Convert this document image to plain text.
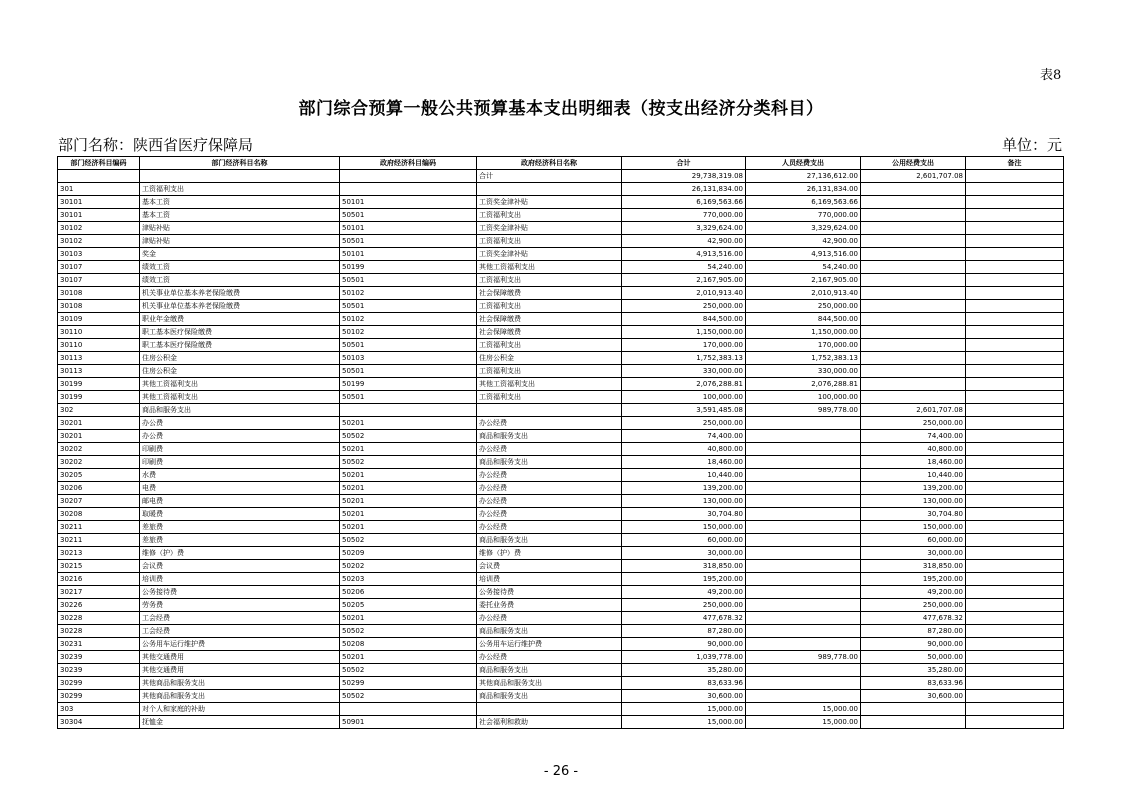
表8
部门综合预算一般公共预算基本支出明细表（按支出经济分类科目）
部门名称：陕西省医疗保障局	单位：元
部门经济科目编码	部门经济科目名称	政府经济科目编码	政府经济科目名称	合计	人员经费支出	公用经费支出	备注
			合计	29,738,319.08	27,136,612.00	2,601,707.08	
301	工资福利支出			26,131,834.00	26,131,834.00		
30101	基本工资	50101	工资奖金津补贴	6,169,563.66	6,169,563.66		
30101	基本工资	50501	工资福利支出	770,000.00	770,000.00		
30102	津贴补贴	50101	工资奖金津补贴	3,329,624.00	3,329,624.00		
30102	津贴补贴	50501	工资福利支出	42,900.00	42,900.00		
30103	奖金	50101	工资奖金津补贴	4,913,516.00	4,913,516.00		
30107	绩效工资	50199	其他工资福利支出	54,240.00	54,240.00		
30107	绩效工资	50501	工资福利支出	2,167,905.00	2,167,905.00		
30108	机关事业单位基本养老保险缴费	50102	社会保障缴费	2,010,913.40	2,010,913.40		
30108	机关事业单位基本养老保险缴费	50501	工资福利支出	250,000.00	250,000.00		
30109	职业年金缴费	50102	社会保障缴费	844,500.00	844,500.00		
30110	职工基本医疗保险缴费	50102	社会保障缴费	1,150,000.00	1,150,000.00		
30110	职工基本医疗保险缴费	50501	工资福利支出	170,000.00	170,000.00		
30113	住房公积金	50103	住房公积金	1,752,383.13	1,752,383.13		
30113	住房公积金	50501	工资福利支出	330,000.00	330,000.00		
30199	其他工资福利支出	50199	其他工资福利支出	2,076,288.81	2,076,288.81		
30199	其他工资福利支出	50501	工资福利支出	100,000.00	100,000.00		
302	商品和服务支出			3,591,485.08	989,778.00	2,601,707.08	
30201	办公费	50201	办公经费	250,000.00		250,000.00	
30201	办公费	50502	商品和服务支出	74,400.00		74,400.00	
30202	印刷费	50201	办公经费	40,800.00		40,800.00	
30202	印刷费	50502	商品和服务支出	18,460.00		18,460.00	
30205	水费	50201	办公经费	10,440.00		10,440.00	
30206	电费	50201	办公经费	139,200.00		139,200.00	
30207	邮电费	50201	办公经费	130,000.00		130,000.00	
30208	取暖费	50201	办公经费	30,704.80		30,704.80	
30211	差旅费	50201	办公经费	150,000.00		150,000.00	
30211	差旅费	50502	商品和服务支出	60,000.00		60,000.00	
30213	维修（护）费	50209	维修（护）费	30,000.00		30,000.00	
30215	会议费	50202	会议费	318,850.00		318,850.00	
30216	培训费	50203	培训费	195,200.00		195,200.00	
30217	公务接待费	50206	公务接待费	49,200.00		49,200.00	
30226	劳务费	50205	委托业务费	250,000.00		250,000.00	
30228	工会经费	50201	办公经费	477,678.32		477,678.32	
30228	工会经费	50502	商品和服务支出	87,280.00		87,280.00	
30231	公务用车运行维护费	50208	公务用车运行维护费	90,000.00		90,000.00	
30239	其他交通费用	50201	办公经费	1,039,778.00	989,778.00	50,000.00	
30239	其他交通费用	50502	商品和服务支出	35,280.00		35,280.00	
30299	其他商品和服务支出	50299	其他商品和服务支出	83,633.96		83,633.96	
30299	其他商品和服务支出	50502	商品和服务支出	30,600.00		30,600.00	
303	对个人和家庭的补助			15,000.00	15,000.00		
30304	抚恤金	50901	社会福利和救助	15,000.00	15,000.00		
- 26 -
